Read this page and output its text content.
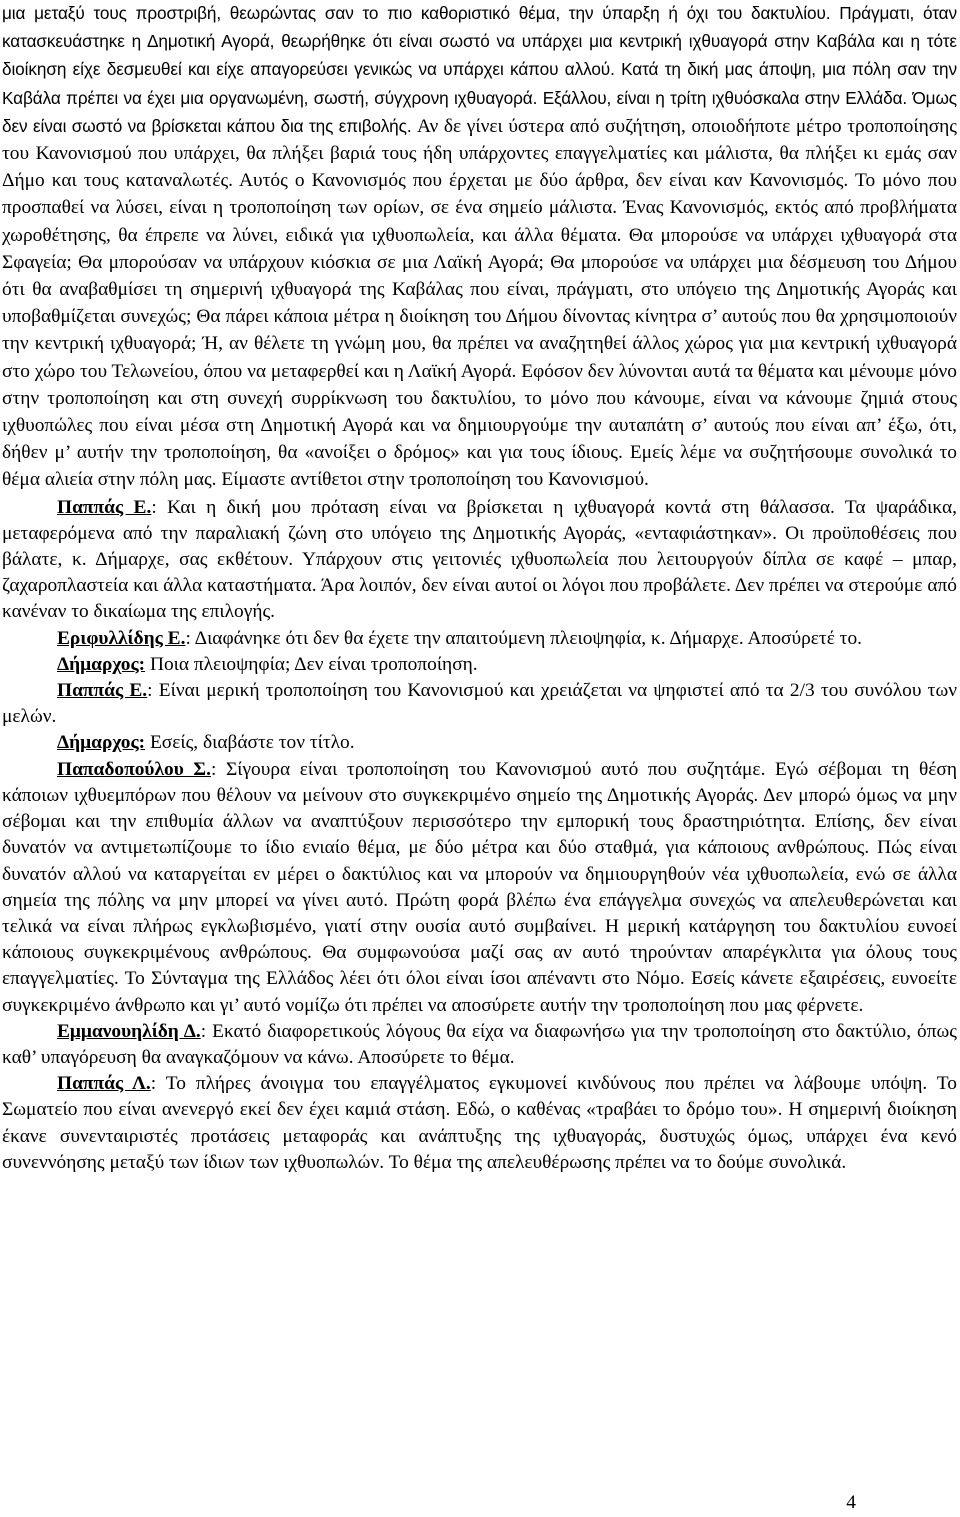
μια μεταξύ τους προστριβή, θεωρώντας σαν το πιο καθοριστικό θέμα, την ύπαρξη ή όχι του δακτυλίου. Πράγματι, όταν κατασκευάστηκε η Δημοτική Αγορά, θεωρήθηκε ότι είναι σωστό να υπάρχει μια κεντρική ιχθυαγορά στην Καβάλα και η τότε διοίκηση είχε δεσμευθεί και είχε απαγορεύσει γενικώς να υπάρχει κάπου αλλού. Κατά τη δική μας άποψη, μια πόλη σαν την Καβάλα πρέπει να έχει μια οργανωμένη, σωστή, σύγχρονη ιχθυαγορά. Εξάλλου, είναι η τρίτη ιχθυόσκαλα στην Ελλάδα. Όμως δεν είναι σωστό να βρίσκεται κάπου δια της επιβολής. Αν δε γίνει ύστερα από συζήτηση, οποιοδήποτε μέτρο τροποποίησης του Κανονισμού που υπάρχει, θα πλήξει βαριά τους ήδη υπάρχοντες επαγγελματίες και μάλιστα, θα πλήξει κι εμάς σαν Δήμο και τους καταναλωτές. Αυτός ο Κανονισμός που έρχεται με δύο άρθρα, δεν είναι καν Κανονισμός. Το μόνο που προσπαθεί να λύσει, είναι η τροποποίηση των ορίων, σε ένα σημείο μάλιστα. Ένας Κανονισμός, εκτός από προβλήματα χωροθέτησης, θα έπρεπε να λύνει, ειδικά για ιχθυοπωλεία, και άλλα θέματα. Θα μπορούσε να υπάρχει ιχθυαγορά στα Σφαγεία; Θα μπορούσαν να υπάρχουν κιόσκια σε μια Λαϊκή Αγορά; Θα μπορούσε να υπάρχει μια δέσμευση του Δήμου ότι θα αναβαθμίσει τη σημερινή ιχθυαγορά της Καβάλας που είναι, πράγματι, στο υπόγειο της Δημοτικής Αγοράς και υποβαθμίζεται συνεχώς; Θα πάρει κάποια μέτρα η διοίκηση του Δήμου δίνοντας κίνητρα σ’ αυτούς που θα χρησιμοποιούν την κεντρική ιχθυαγορά; Ή, αν θέλετε τη γνώμη μου, θα πρέπει να αναζητηθεί άλλος χώρος για μια κεντρική ιχθυαγορά στο χώρο του Τελωνείου, όπου να μεταφερθεί και η Λαϊκή Αγορά. Εφόσον δεν λύνονται αυτά τα θέματα και μένουμε μόνο στην τροποποίηση και στη συνεχή συρρίκνωση του δακτυλίου, το μόνο που κάνουμε, είναι να κάνουμε ζημιά στους ιχθυοπώλες που είναι μέσα στη Δημοτική Αγορά και να δημιουργούμε την αυταπάτη σ’ αυτούς που είναι απ’ έξω, ότι, δήθεν μ’ αυτήν την τροποποίηση, θα «ανοίξει ο δρόμος» και για τους ίδιους. Εμείς λέμε να συζητήσουμε συνολικά το θέμα αλιεία στην πόλη μας. Είμαστε αντίθετοι στην τροποποίηση του Κανονισμού.

Παππάς Ε.: Και η δική μου πρόταση είναι να βρίσκεται η ιχθυαγορά κοντά στη θάλασσα. Τα ψαράδικα, μεταφερόμενα από την παραλιακή ζώνη στο υπόγειο της Δημοτικής Αγοράς, «ενταφιάστηκαν». Οι προϋποθέσεις που βάλατε, κ. Δήμαρχε, σας εκθέτουν. Υπάρχουν στις γειτονιές ιχθυοπωλεία που λειτουργούν δίπλα σε καφέ – μπαρ, ζαχαροπλαστεία και άλλα καταστήματα. Άρα λοιπόν, δεν είναι αυτοί οι λόγοι που προβάλετε. Δεν πρέπει να στερούμε από κανέναν το δικαίωμα της επιλογής.

Εριφυλλίδης Ε.: Διαφάνηκε ότι δεν θα έχετε την απαιτούμενη πλειοψηφία, κ. Δήμαρχε. Αποσύρετέ το.

Δήμαρχος: Ποια πλειοψηφία; Δεν είναι τροποποίηση.

Παππάς Ε.: Είναι μερική τροποποίηση του Κανονισμού και χρειάζεται να ψηφιστεί από τα 2/3 του συνόλου των μελών.

Δήμαρχος: Εσείς, διαβάστε τον τίτλο.

Παπαδοπούλου Σ.: Σίγουρα είναι τροποποίηση του Κανονισμού αυτό που συζητάμε. Εγώ σέβομαι τη θέση κάποιων ιχθυεμπόρων που θέλουν να μείνουν στο συγκεκριμένο σημείο της Δημοτικής Αγοράς. Δεν μπορώ όμως να μην σέβομαι και την επιθυμία άλλων να αναπτύξουν περισσότερο την εμπορική τους δραστηριότητα. Επίσης, δεν είναι δυνατόν να αντιμετωπίζουμε το ίδιο ενιαίο θέμα, με δύο μέτρα και δύο σταθμά, για κάποιους ανθρώπους. Πώς είναι δυνατόν αλλού να καταργείται εν μέρει ο δακτύλιος και να μπορούν να δημιουργηθούν νέα ιχθυοπωλεία, ενώ σε άλλα σημεία της πόλης να μην μπορεί να γίνει αυτό. Πρώτη φορά βλέπω ένα επάγγελμα συνεχώς να απελευθερώνεται και τελικά να είναι πλήρως εγκλωβισμένο, γιατί στην ουσία αυτό συμβαίνει. Η μερική κατάργηση του δακτυλίου ευνοεί κάποιους συγκεκριμένους ανθρώπους. Θα συμφωνούσα μαζί σας αν αυτό τηρούνταν απαρέγκλιτα για όλους τους επαγγελματίες. Το Σύνταγμα της Ελλάδος λέει ότι όλοι είναι ίσοι απέναντι στο Νόμο. Εσείς κάνετε εξαιρέσεις, ευνοείτε συγκεκριμένο άνθρωπο και γι’ αυτό νομίζω ότι πρέπει να αποσύρετε αυτήν την τροποποίηση που μας φέρνετε.

Εμμανουηλίδη Δ.: Εκατό διαφορετικούς λόγους θα είχα να διαφωνήσω για την τροποποίηση στο δακτύλιο, όπως καθ’ υπαγόρευση θα αναγκαζόμουν να κάνω. Αποσύρετε το θέμα.

Παππάς Λ.: Το πλήρες άνοιγμα του επαγγέλματος εγκυμονεί κινδύνους που πρέπει να λάβουμε υπόψη. Το Σωματείο που είναι ανενεργό εκεί δεν έχει καμιά στάση. Εδώ, ο καθένας «τραβάει το δρόμο του». Η σημερινή διοίκηση έκανε συνενταιριστές προτάσεις μεταφοράς και ανάπτυξης της ιχθυαγοράς, δυστυχώς όμως, υπάρχει ένα κενό συνεννόησης μεταξύ των ίδιων των ιχθυοπωλών. Το θέμα της απελευθέρωσης πρέπει να το δούμε συνολικά.

4
